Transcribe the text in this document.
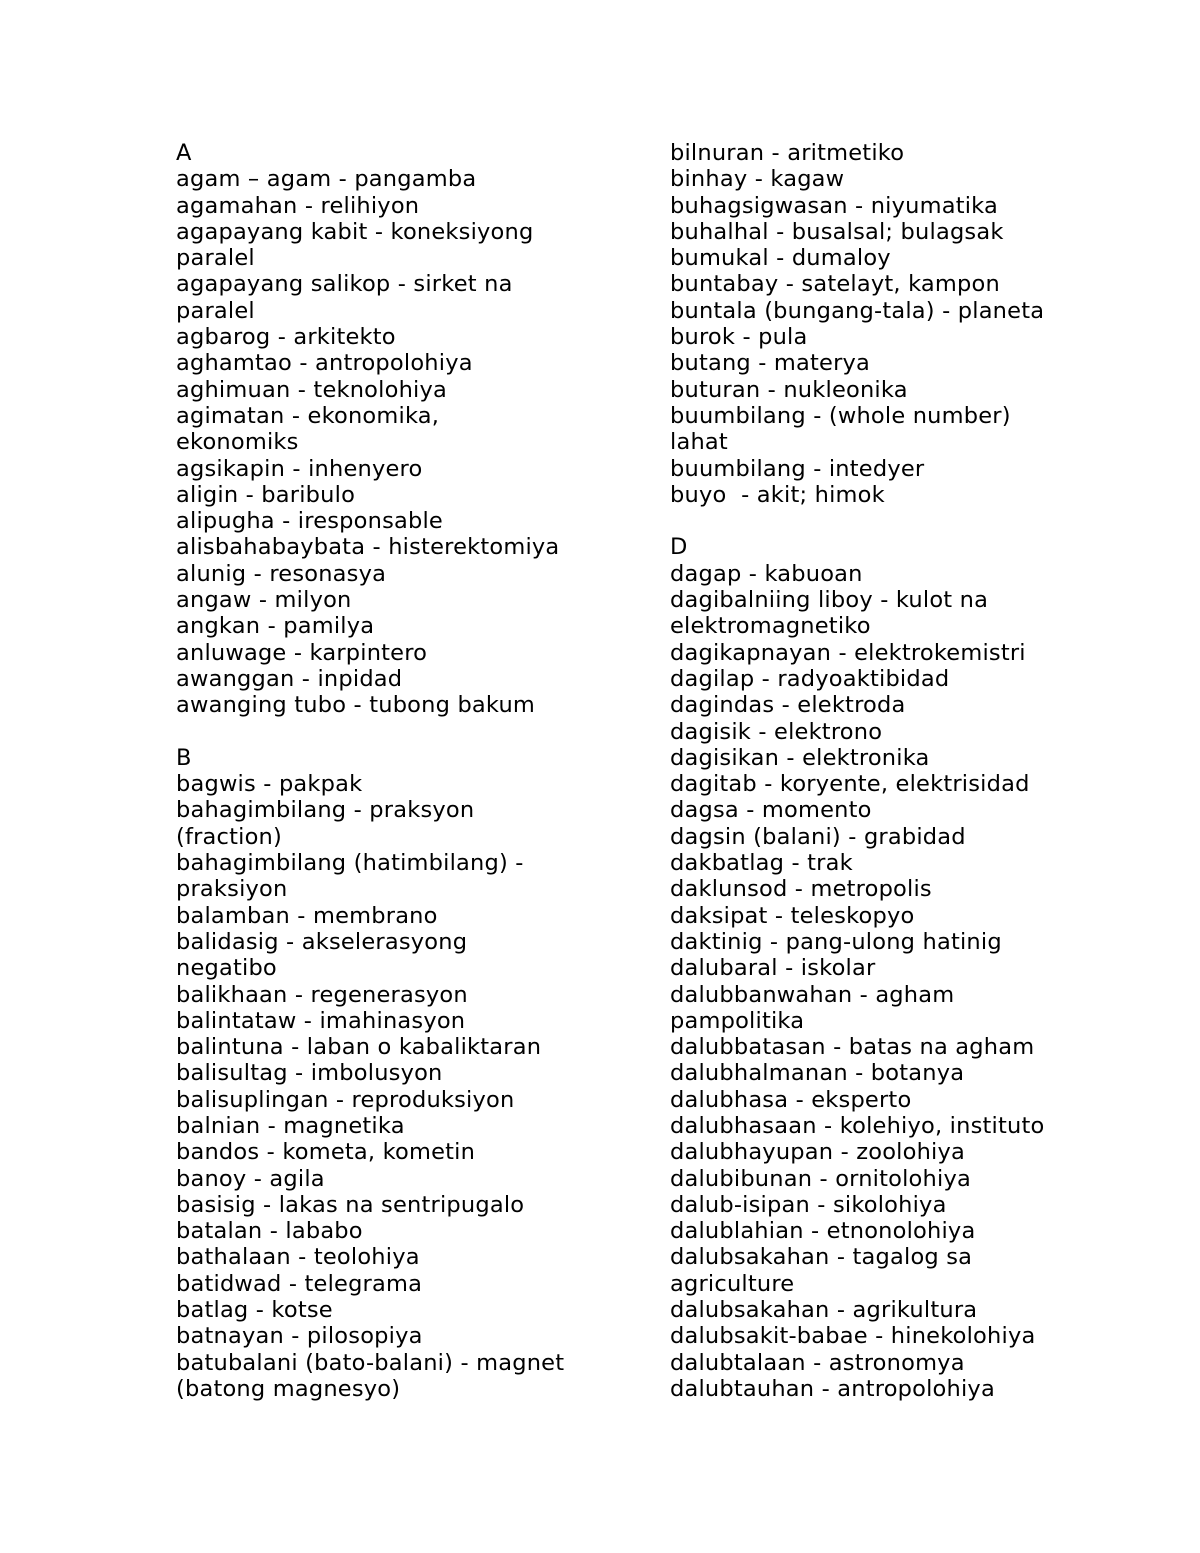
A
agam – agam - pangamba
agamahan - relihiyon
agapayang kabit - koneksiyong
paralel
agapayang salikop - sirket na
paralel
agbarog - arkitekto
aghamtao - antropolohiya
aghimuan - teknolohiya
agimatan - ekonomika,
ekonomiks
agsikapin - inhenyero
aligin - baribulo
alipugha - iresponsable
alisbahabaybata - histerektomiya
alunig - resonasya
angaw - milyon
angkan - pamilya
anluwage - karpintero
awanggan - inpidad
awanging tubo - tubong bakum
B
bagwis - pakpak
bahagimbilang - praksyon
(fraction)
bahagimbilang (hatimbilang) -
praksiyon
balamban - membrano
balidasig - akselerasyong
negatibo
balikhaan - regenerasyon
balintataw - imahinasyon
balintuna - laban o kabaliktaran
balisultag - imbolusyon
balisuplingan - reproduksiyon
balnian - magnetika
bandos - kometa, kometin
banoy - agila
basisig - lakas na sentripugalo
batalan - lababo
bathalaan - teolohiya
batidwad - telegrama
batlag - kotse
batnayan - pilosopiya
batubalani (bato-balani) - magnet
(batong magnesyo)
bilnuran - aritmetiko
binhay - kagaw
buhagsigwasan - niyumatika
buhalhal - busalsal; bulagsak
bumukal - dumaloy
buntabay - satelayt, kampon
buntala (bungang-tala) - planeta
burok - pula
butang - materya
buturan - nukleonika
buumbilang - (whole number)
lahat
buumbilang - intedyer
buyo  - akit; himok
D
dagap - kabuoan
dagibalniing liboy - kulot na
elektromagnetiko
dagikapnayan - elektrokemistri
dagilap - radyoaktibidad
dagindas - elektroda
dagisik - elektrono
dagisikan - elektronika
dagitab - koryente, elektrisidad
dagsa - momento
dagsin (balani) - grabidad
dakbatlag - trak
daklunsod - metropolis
daksipat - teleskopyo
daktinig - pang-ulong hatinig
dalubaral - iskolar
dalubbanwahan - agham
pampolitika
dalubbatasan - batas na agham
dalubhalmanan - botanya
dalubhasa - eksperto
dalubhasaan - kolehiyo, instituto
dalubhayupan - zoolohiya
dalubibunan - ornitolohiya
dalub-isipan - sikolohiya
dalublahian - etnonolohiya
dalubsakahan - tagalog sa
agriculture
dalubsakahan - agrikultura
dalubsakit-babae - hinekolohiya
dalubtalaan - astronomya
dalubtauhan - antropolohiya
